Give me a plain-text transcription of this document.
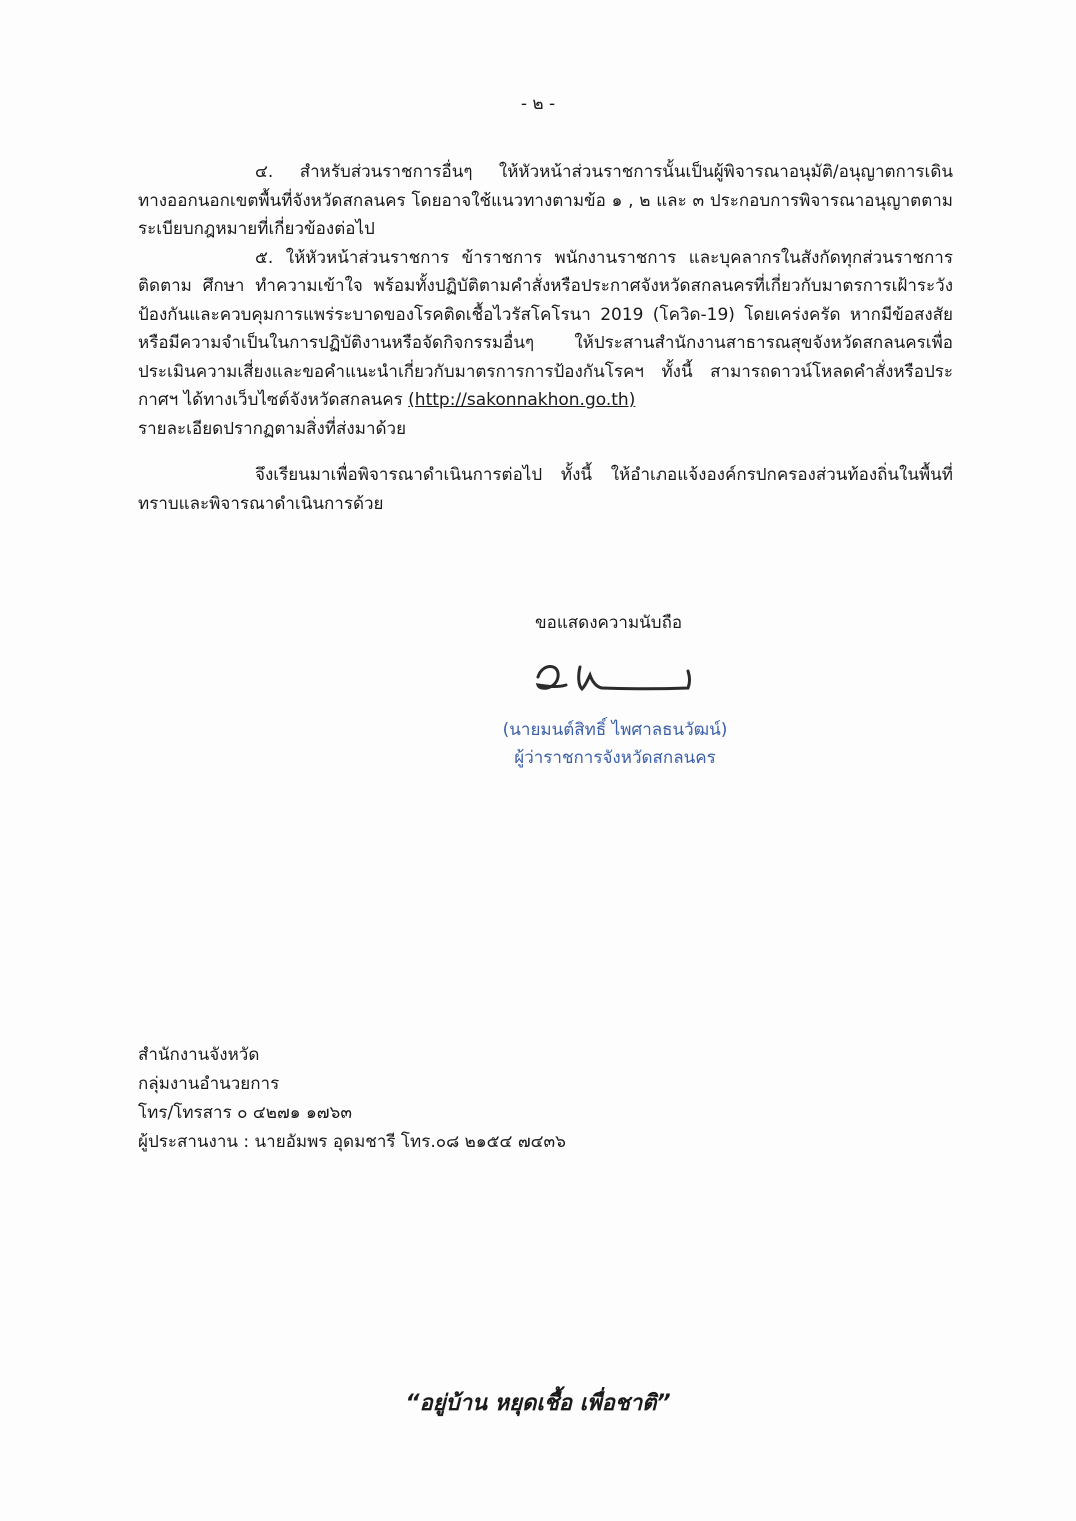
- ๒ -

๔. สำหรับส่วนราชการอื่นๆ ให้หัวหน้าส่วนราชการนั้นเป็นผู้พิจารณาอนุมัติ/อนุญาตการเดินทางออกนอกเขตพื้นที่จังหวัดสกลนคร โดยอาจใช้แนวทางตามข้อ ๑ , ๒ และ ๓ ประกอบการพิจารณาอนุญาตตามระเบียบกฎหมายที่เกี่ยวข้องต่อไป

๕. ให้หัวหน้าส่วนราชการ ข้าราชการ พนักงานราชการ และบุคลากรในสังกัดทุกส่วนราชการติดตาม ศึกษา ทำความเข้าใจ พร้อมทั้งปฏิบัติตามคำสั่งหรือประกาศจังหวัดสกลนครที่เกี่ยวกับมาตรการเฝ้าระวังป้องกันและควบคุมการแพร่ระบาดของโรคติดเชื้อไวรัสโคโรนา 2019 (โควิด-19) โดยเคร่งครัด หากมีข้อสงสัยหรือมีความจำเป็นในการปฏิบัติงานหรือจัดกิจกรรมอื่นๆ ให้ประสานสำนักงานสาธารณสุขจังหวัดสกลนครเพื่อประเมินความเสี่ยงและขอคำแนะนำเกี่ยวกับมาตรการการป้องกันโรคฯ ทั้งนี้ สามารถดาวน์โหลดคำสั่งหรือประกาศฯ ได้ทางเว็บไซต์จังหวัดสกลนคร (http://sakonnakhon.go.th)

รายละเอียดปรากฏตามสิ่งที่ส่งมาด้วย

จึงเรียนมาเพื่อพิจารณาดำเนินการต่อไป ทั้งนี้ ให้อำเภอแจ้งองค์กรปกครองส่วนท้องถิ่นในพื้นที่ทราบและพิจารณาดำเนินการด้วย

ขอแสดงความนับถือ
(นายมนต์สิทธิ์ ไพศาลธนวัฒน์)
ผู้ว่าราชการจังหวัดสกลนคร
สำนักงานจังหวัด
กลุ่มงานอำนวยการ
โทร/โทรสาร ๐ ๔๒๗๑ ๑๗๖๓
ผู้ประสานงาน : นายอัมพร อุดมชารี โทร.๐๘ ๒๑๕๔ ๗๔๓๖
“อยู่บ้าน หยุดเชื้อ เพื่อชาติ”
